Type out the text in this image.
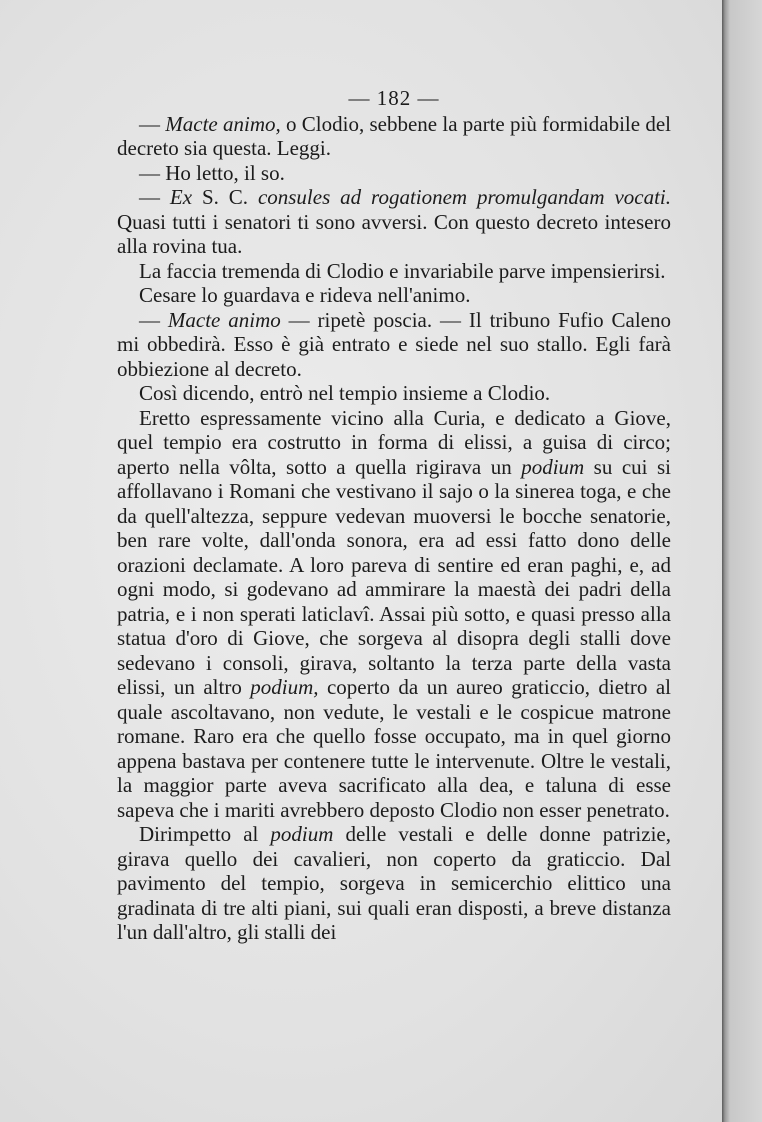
— 182 —

— Macte animo, o Clodio, sebbene la parte più formidabile del decreto sia questa. Leggi.

— Ho letto, il so.

— Ex S. C. consules ad rogationem promulgandam vocati. Quasi tutti i senatori ti sono avversi. Con questo decreto intesero alla rovina tua.

La faccia tremenda di Clodio e invariabile parve impensierirsi.

Cesare lo guardava e rideva nell'animo.

— Macte animo — ripetè poscia. — Il tribuno Fufio Caleno mi obbedirà. Esso è già entrato e siede nel suo stallo. Egli farà obbiezione al decreto.

Così dicendo, entrò nel tempio insieme a Clodio.

Eretto espressamente vicino alla Curia, e dedicato a Giove, quel tempio era costrutto in forma di elissi, a guisa di circo; aperto nella vôlta, sotto a quella rigirava un podium su cui si affollavano i Romani che vestivano il sajo o la sinerea toga, e che da quell'altezza, seppure vedevan muoversi le bocche senatorie, ben rare volte, dall'onda sonora, era ad essi fatto dono delle orazioni declamate. A loro pareva di sentire ed eran paghi, e, ad ogni modo, si godevano ad ammirare la maestà dei padri della patria, e i non sperati laticlavî. Assai più sotto, e quasi presso alla statua d'oro di Giove, che sorgeva al disopra degli stalli dove sedevano i consoli, girava, soltanto la terza parte della vasta elissi, un altro podium, coperto da un aureo graticcio, dietro al quale ascoltavano, non vedute, le vestali e le cospicue matrone romane. Raro era che quello fosse occupato, ma in quel giorno appena bastava per contenere tutte le intervenute. Oltre le vestali, la maggior parte aveva sacrificato alla dea, e taluna di esse sapeva che i mariti avrebbero deposto Clodio non esser penetrato.

Dirimpetto al podium delle vestali e delle donne patrizie, girava quello dei cavalieri, non coperto da graticcio. Dal pavimento del tempio, sorgeva in semicerchio elittico una gradinata di tre alti piani, sui quali eran disposti, a breve distanza l'un dall'altro, gli stalli dei
